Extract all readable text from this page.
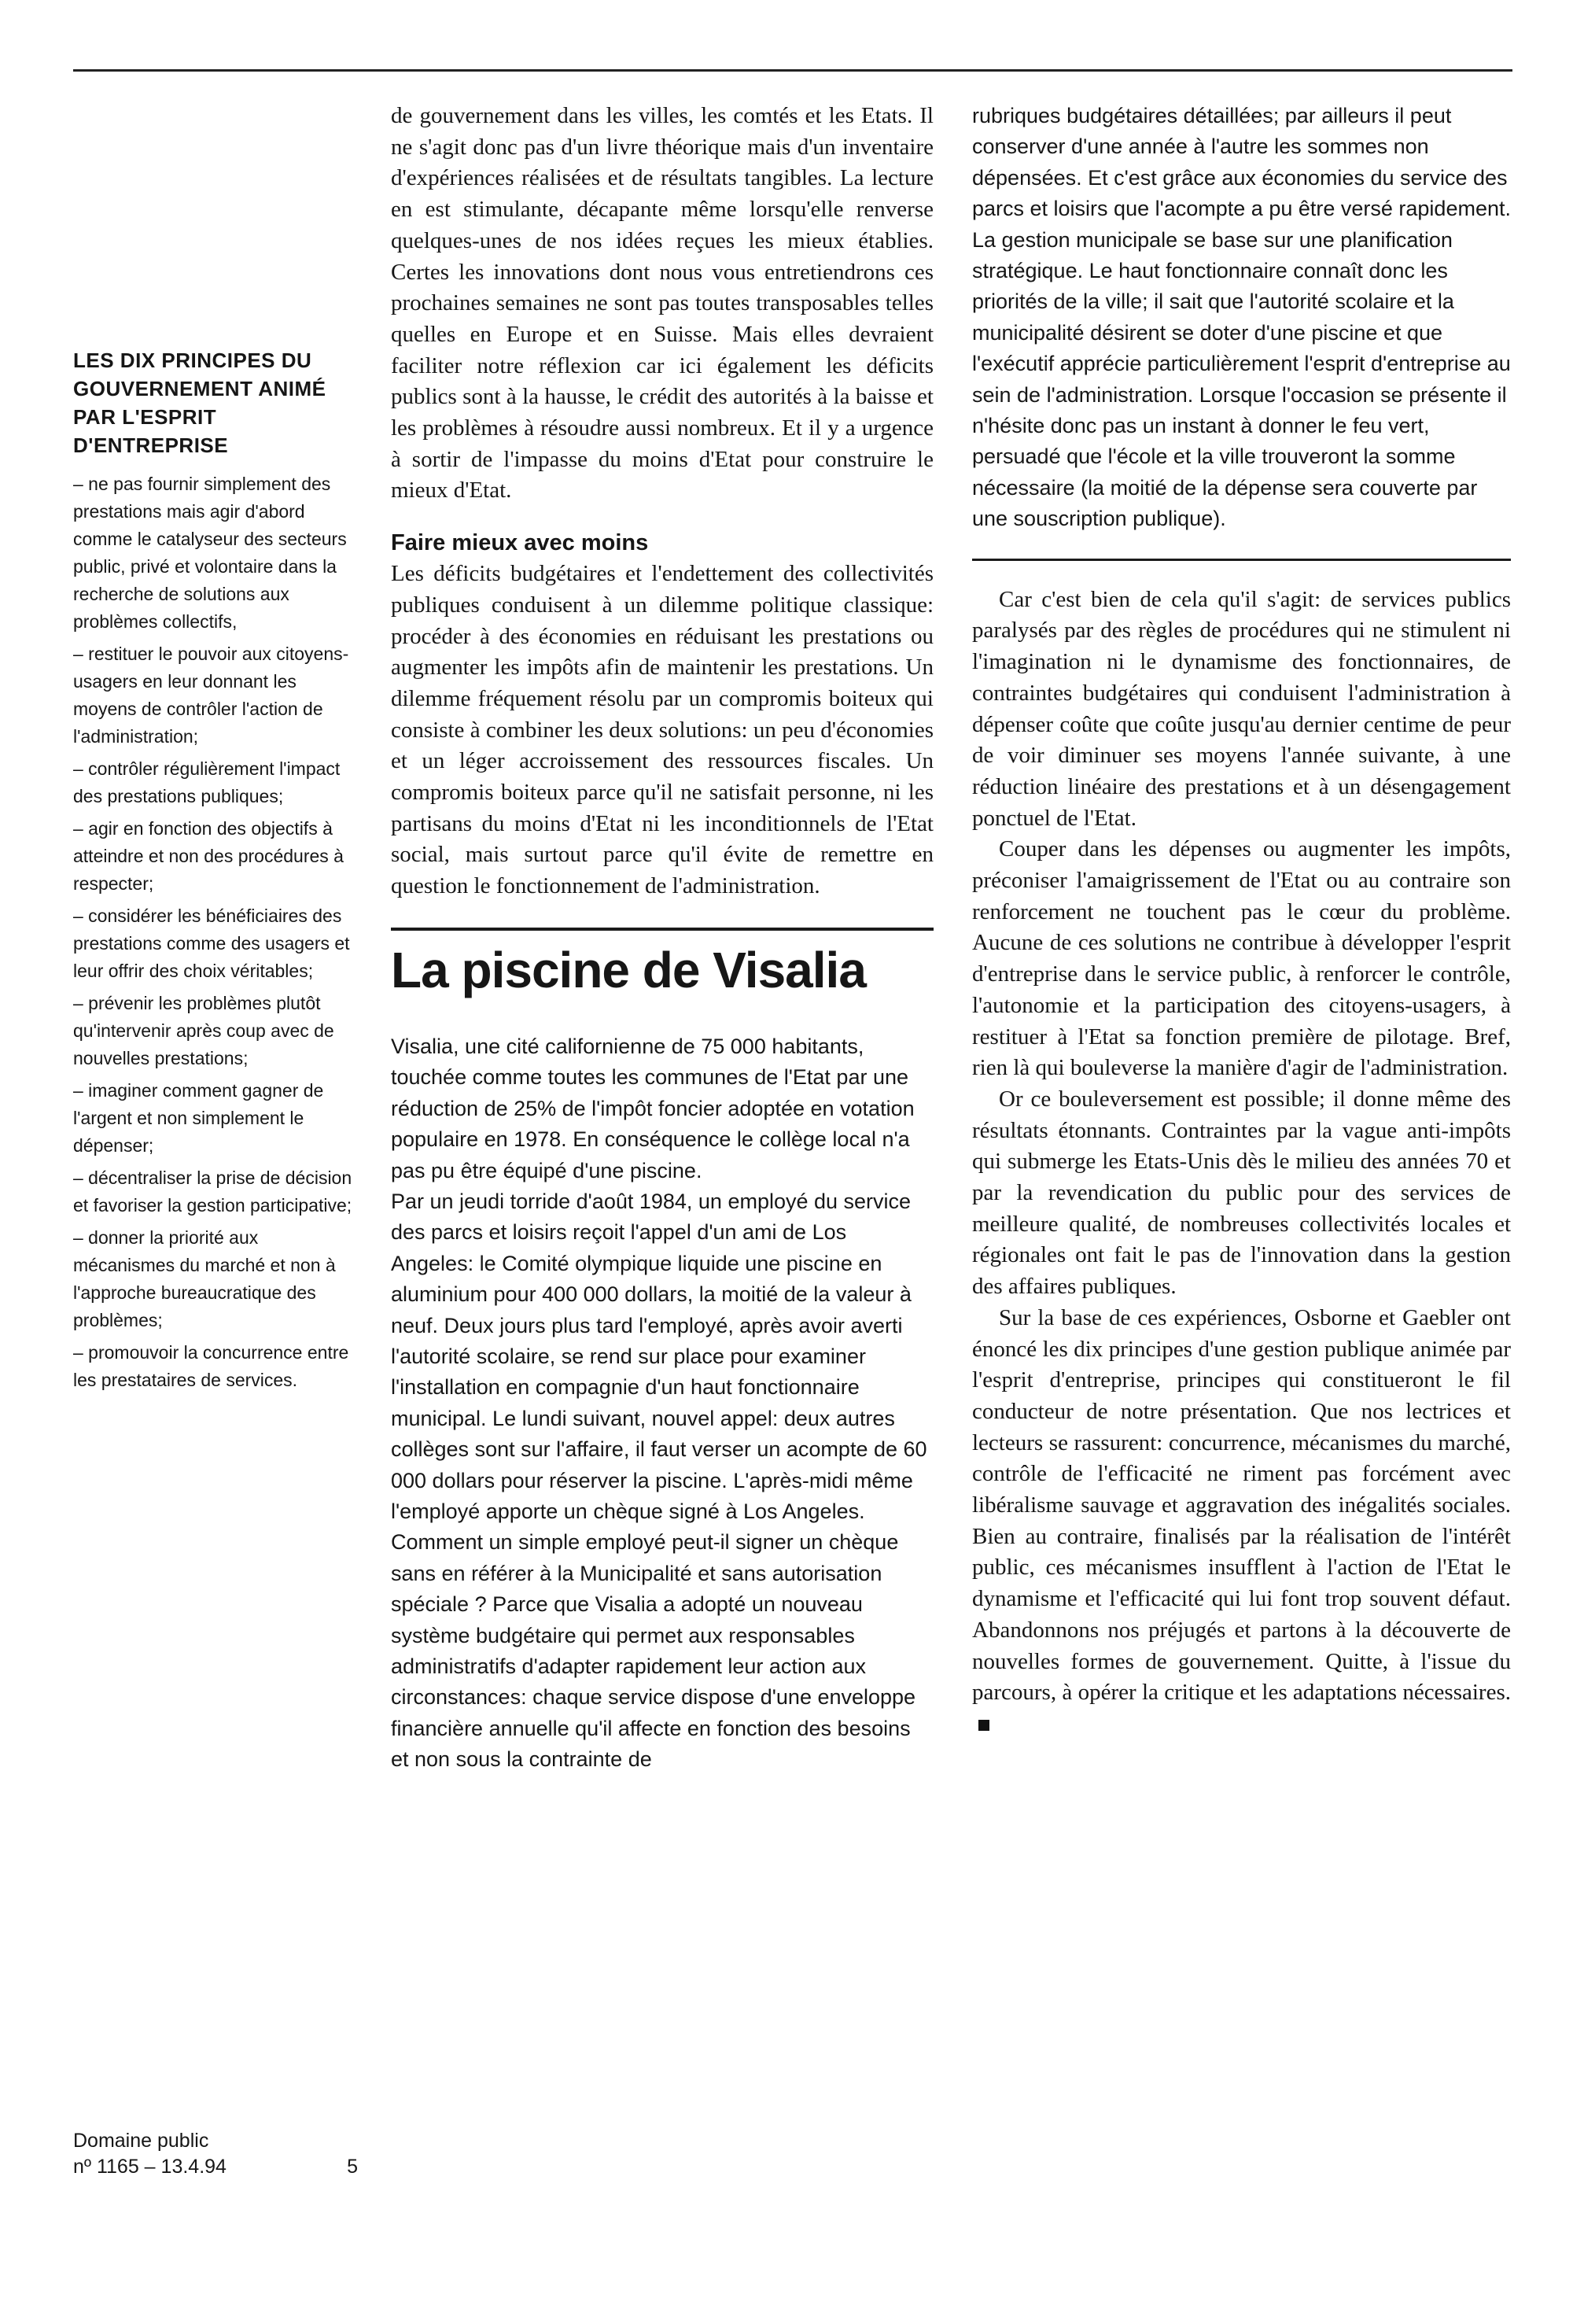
LES DIX PRINCIPES DU GOUVERNEMENT ANIMÉ PAR L'ESPRIT D'ENTREPRISE
– ne pas fournir simplement des prestations mais agir d'abord comme le catalyseur des secteurs public, privé et volontaire dans la recherche de solutions aux problèmes collectifs,
– restituer le pouvoir aux citoyens-usagers en leur donnant les moyens de contrôler l'action de l'administration;
– contrôler régulièrement l'impact des prestations publiques;
– agir en fonction des objectifs à atteindre et non des procédures à respecter;
– considérer les bénéficiaires des prestations comme des usagers et leur offrir des choix véritables;
– prévenir les problèmes plutôt qu'intervenir après coup avec de nouvelles prestations;
– imaginer comment gagner de l'argent et non simplement le dépenser;
– décentraliser la prise de décision et favoriser la gestion participative;
– donner la priorité aux mécanismes du marché et non à l'approche bureaucratique des problèmes;
– promouvoir la concurrence entre les prestataires de services.
Domaine public
nº 1165 – 13.4.94	5

de gouvernement dans les villes, les comtés et les Etats. Il ne s'agit donc pas d'un livre théorique mais d'un inventaire d'expériences réalisées et de résultats tangibles. La lecture en est stimulante, décapante même lorsqu'elle renverse quelques-unes de nos idées reçues les mieux établies. Certes les innovations dont nous vous entretiendrons ces prochaines semaines ne sont pas toutes transposables telles quelles en Europe et en Suisse. Mais elles devraient faciliter notre réflexion car ici également les déficits publics sont à la hausse, le crédit des autorités à la baisse et les problèmes à résoudre aussi nombreux. Et il y a urgence à sortir de l'impasse du moins d'Etat pour construire le mieux d'Etat.

Faire mieux avec moins

Les déficits budgétaires et l'endettement des collectivités publiques conduisent à un dilemme politique classique: procéder à des économies en réduisant les prestations ou augmenter les impôts afin de maintenir les prestations. Un dilemme fréquement résolu par un compromis boiteux qui consiste à combiner les deux solutions: un peu d'économies et un léger accroissement des ressources fiscales. Un compromis boiteux parce qu'il ne satisfait personne, ni les partisans du moins d'Etat ni les inconditionnels de l'Etat social, mais surtout parce qu'il évite de remettre en question le fonctionnement de l'administration.

La piscine de Visalia

Visalia, une cité californienne de 75 000 habitants, touchée comme toutes les communes de l'Etat par une réduction de 25% de l'impôt foncier adoptée en votation populaire en 1978. En conséquence le collège local n'a pas pu être équipé d'une piscine.

Par un jeudi torride d'août 1984, un employé du service des parcs et loisirs reçoit l'appel d'un ami de Los Angeles: le Comité olympique liquide une piscine en aluminium pour 400 000 dollars, la moitié de la valeur à neuf. Deux jours plus tard l'employé, après avoir averti l'autorité scolaire, se rend sur place pour examiner l'installation en compagnie d'un haut fonctionnaire municipal. Le lundi suivant, nouvel appel: deux autres collèges sont sur l'affaire, il faut verser un acompte de 60 000 dollars pour réserver la piscine. L'après-midi même l'employé apporte un chèque signé à Los Angeles.

Comment un simple employé peut-il signer un chèque sans en référer à la Municipalité et sans autorisation spéciale ? Parce que Visalia a adopté un nouveau système budgétaire qui permet aux responsables administratifs d'adapter rapidement leur action aux circonstances: chaque service dispose d'une enveloppe financière annuelle qu'il affecte en fonction des besoins et non sous la contrainte de

rubriques budgétaires détaillées; par ailleurs il peut conserver d'une année à l'autre les sommes non dépensées. Et c'est grâce aux économies du service des parcs et loisirs que l'acompte a pu être versé rapidement. La gestion municipale se base sur une planification stratégique. Le haut fonctionnaire connaît donc les priorités de la ville; il sait que l'autorité scolaire et la municipalité désirent se doter d'une piscine et que l'exécutif apprécie particulièrement l'esprit d'entreprise au sein de l'administration. Lorsque l'occasion se présente il n'hésite donc pas un instant à donner le feu vert, persuadé que l'école et la ville trouveront la somme nécessaire (la moitié de la dépense sera couverte par une souscription publique).

Car c'est bien de cela qu'il s'agit: de services publics paralysés par des règles de procédures qui ne stimulent ni l'imagination ni le dynamisme des fonctionnaires, de contraintes budgétaires qui conduisent l'administration à dépenser coûte que coûte jusqu'au dernier centime de peur de voir diminuer ses moyens l'année suivante, à une réduction linéaire des prestations et à un désengagement ponctuel de l'Etat.

Couper dans les dépenses ou augmenter les impôts, préconiser l'amaigrissement de l'Etat ou au contraire son renforcement ne touchent pas le cœur du problème. Aucune de ces solutions ne contribue à développer l'esprit d'entreprise dans le service public, à renforcer le contrôle, l'autonomie et la participation des citoyens-usagers, à restituer à l'Etat sa fonction première de pilotage. Bref, rien là qui bouleverse la manière d'agir de l'administration.

Or ce bouleversement est possible; il donne même des résultats étonnants. Contraintes par la vague anti-impôts qui submerge les Etats-Unis dès le milieu des années 70 et par la revendication du public pour des services de meilleure qualité, de nombreuses collectivités locales et régionales ont fait le pas de l'innovation dans la gestion des affaires publiques.

Sur la base de ces expériences, Osborne et Gaebler ont énoncé les dix principes d'une gestion publique animée par l'esprit d'entreprise, principes qui constitueront le fil conducteur de notre présentation. Que nos lectrices et lecteurs se rassurent: concurrence, mécanismes du marché, contrôle de l'efficacité ne riment pas forcément avec libéralisme sauvage et aggravation des inégalités sociales. Bien au contraire, finalisés par la réalisation de l'intérêt public, ces mécanismes insufflent à l'action de l'Etat le dynamisme et l'efficacité qui lui font trop souvent défaut. Abandonnons nos préjugés et partons à la découverte de nouvelles formes de gouvernement. Quitte, à l'issue du parcours, à opérer la critique et les adaptations nécessaires.
